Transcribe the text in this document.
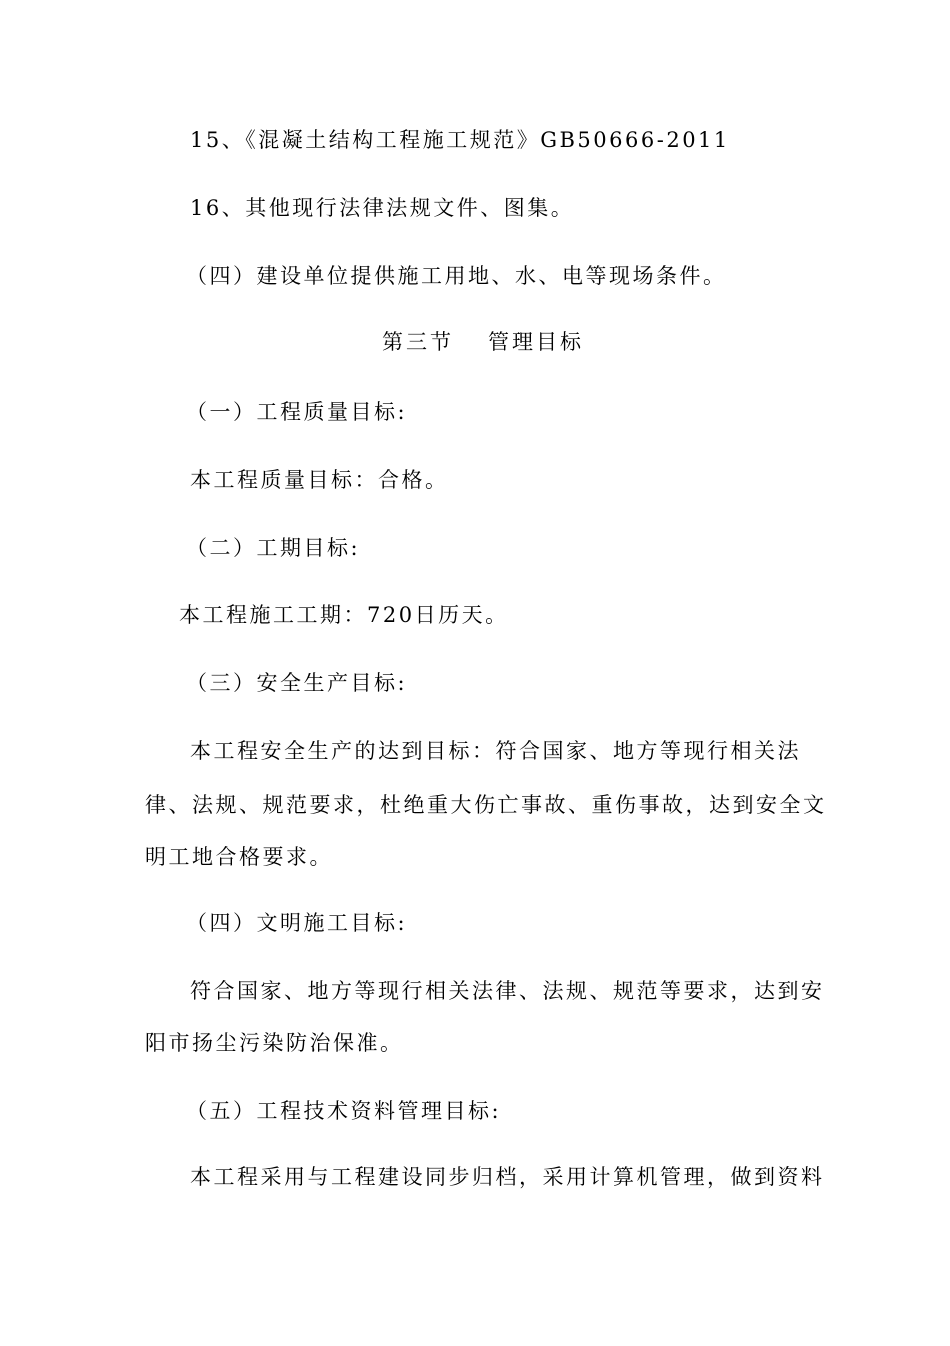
15、《混凝土结构工程施工规范》GB50666-2011
16、其他现行法律法规文件、图集。
（四）建设单位提供施工用地、水、电等现场条件。
第三节 管理目标
（一）工程质量目标:
本工程质量目标：合格。
（二）工期目标:
本工程施工工期：720日历天。
（三）安全生产目标:
本工程安全生产的达到目标：符合国家、地方等现行相关法
律、法规、规范要求，杜绝重大伤亡事故、重伤事故，达到安全文
明工地合格要求。
（四）文明施工目标:
符合国家、地方等现行相关法律、法规、规范等要求，达到安
阳市扬尘污染防治保准。
（五）工程技术资料管理目标:
本工程采用与工程建设同步归档，采用计算机管理，做到资料
